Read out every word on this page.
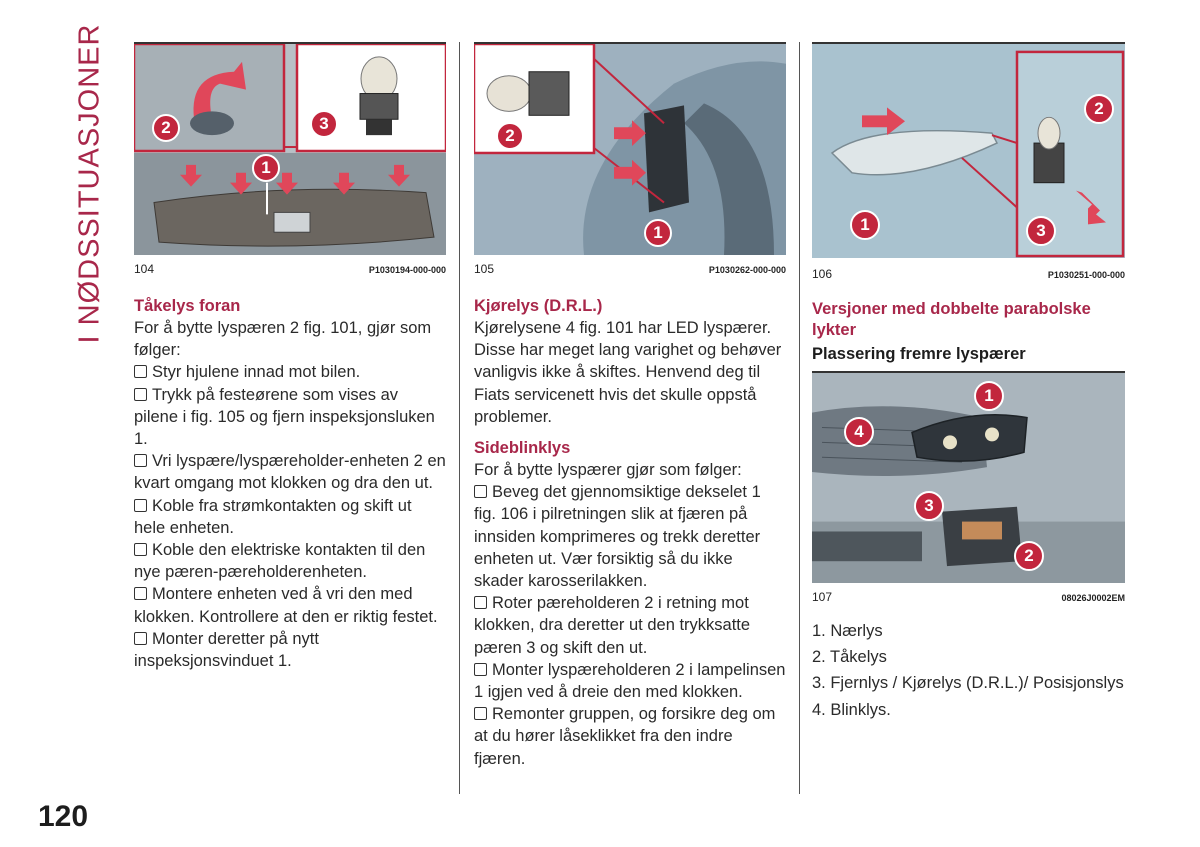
I NØDSSITUASJONER
120
1
2	3
104	P1030194-000-000
Tåkelys foran

For å bytte lyspæren 2 fig. 101, gjør som følger:

Styr hjulene innad mot bilen.

Trykk på festeørene som vises av pilene i fig. 105 og fjern inspeksjonsluken 1.

Vri lyspære/lyspæreholder-enheten 2 en kvart omgang mot klokken og dra den ut.

Koble fra strømkontakten og skift ut hele enheten.

Koble den elektriske kontakten til den nye pæren-pæreholderenheten.

Montere enheten ved å vri den med klokken. Kontrollere at den er riktig festet.

Monter deretter på nytt inspeksjonsvinduet 1.

1
2
105	P1030262-000-000
Kjørelys (D.R.L.)

Kjørelysene 4 fig. 101 har LED lyspærer. Disse har meget lang varighet og behøver vanligvis ikke å skiftes. Henvend deg til Fiats servicenett hvis det skulle oppstå problemer.

Sideblinklys

For å bytte lyspærer gjør som følger:

Beveg det gjennomsiktige dekselet 1 fig. 106 i pilretningen slik at fjæren på innsiden komprimeres og trekk deretter enheten ut. Vær forsiktig så du ikke skader karosserilakken.

Roter pæreholderen 2 i retning mot klokken, dra deretter ut den trykksatte pæren 3 og skift den ut.

Monter lyspæreholderen 2 i lampelinsen 1 igjen ved å dreie den med klokken.

Remonter gruppen, og forsikre deg om at du hører låseklikket fra den indre fjæren.

1
2
3
106	P1030251-000-000
Versjoner med dobbelte parabolske lykter
Plassering fremre lyspærer
1
2
3
4
107	08026J0002EM
1. Nærlys
2. Tåkelys
3. Fjernlys / Kjørelys (D.R.L.)/ Posisjonslys
4. Blinklys.
